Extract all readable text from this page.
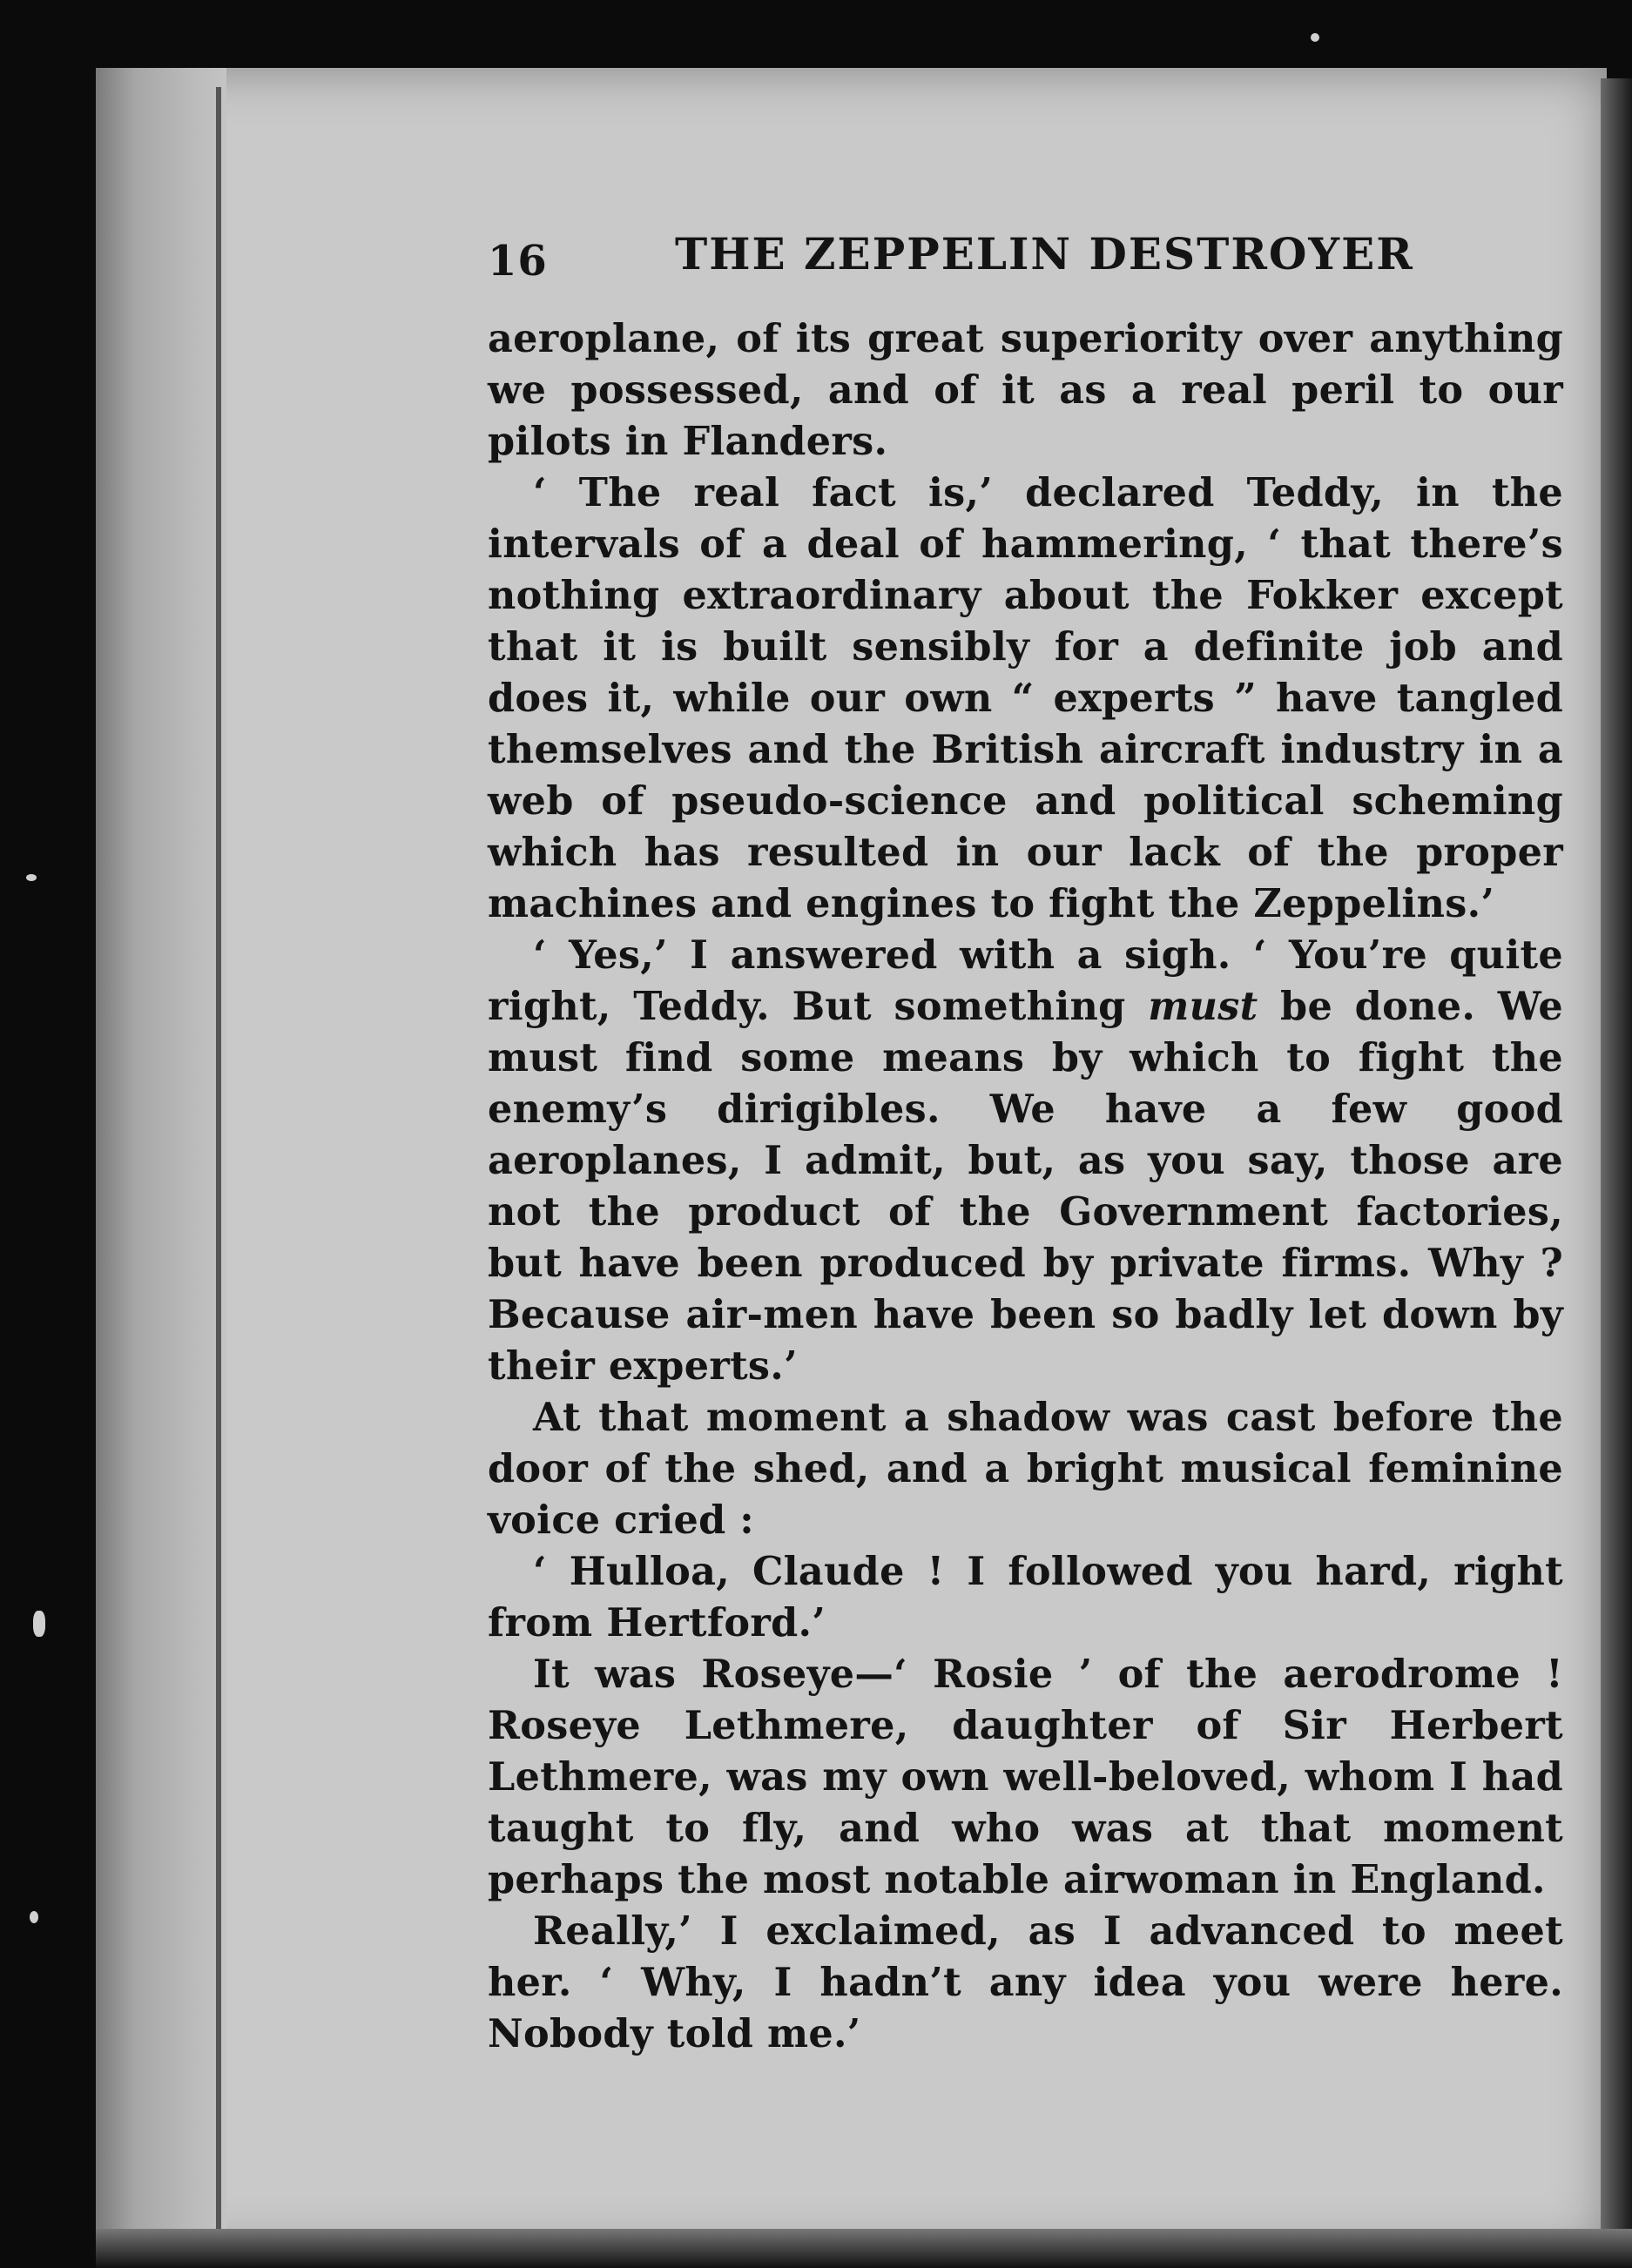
16	THE ZEPPELIN DESTROYER

aeroplane, of its great superiority over anything we possessed, and of it as a real peril to our pilots in Flanders.

‘ The real fact is,’ declared Teddy, in the intervals of a deal of hammering, ‘ that there’s nothing extraordinary about the Fokker except that it is built sensibly for a definite job and does it, while our own “ experts ” have tangled themselves and the British aircraft industry in a web of pseudo-science and political scheming which has resulted in our lack of the proper machines and engines to fight the Zeppelins.’

‘ Yes,’ I answered with a sigh. ‘ You’re quite right, Teddy. But something must be done. We must find some means by which to fight the enemy’s dirigibles. We have a few good aeroplanes, I admit, but, as you say, those are not the product of the Government factories, but have been produced by private firms. Why ? Because air-men have been so badly let down by their experts.’

At that moment a shadow was cast before the door of the shed, and a bright musical feminine voice cried :

‘ Hulloa, Claude ! I followed you hard, right from Hertford.’

It was Roseye—‘ Rosie ’ of the aerodrome ! Roseye Lethmere, daughter of Sir Herbert Lethmere, was my own well-beloved, whom I had taught to fly, and who was at that moment perhaps the most notable airwoman in England.

Really,’ I exclaimed, as I advanced to meet her. ‘ Why, I hadn’t any idea you were here. Nobody told me.’
